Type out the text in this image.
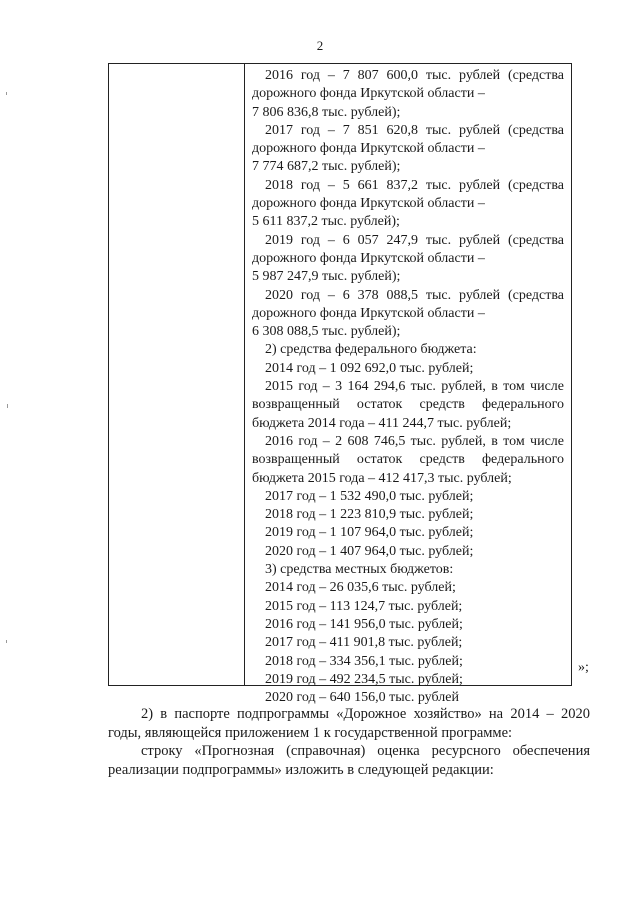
2

2016 год – 7 807 600,0 тыс. рублей (средства дорожного фонда Иркутской области –

7 806 836,8 тыс. рублей);

2017 год – 7 851 620,8 тыс. рублей (средства дорожного фонда Иркутской области –

7 774 687,2 тыс. рублей);

2018 год – 5 661 837,2 тыс. рублей (средства дорожного фонда Иркутской области –

5 611 837,2 тыс. рублей);

2019 год – 6 057 247,9 тыс. рублей (средства дорожного фонда Иркутской области –

5 987 247,9 тыс. рублей);

2020 год – 6 378 088,5 тыс. рублей (средства дорожного фонда Иркутской области –

6 308 088,5 тыс. рублей);

2) средства федерального бюджета:

2014 год – 1 092 692,0 тыс. рублей;

2015 год – 3 164 294,6 тыс. рублей, в том числе возвращенный остаток средств федерального бюджета 2014 года – 411 244,7 тыс. рублей;

2016 год – 2 608 746,5 тыс. рублей, в том числе возвращенный остаток средств федерального бюджета 2015 года – 412 417,3 тыс. рублей;

2017 год – 1 532 490,0 тыс. рублей;

2018 год – 1 223 810,9 тыс. рублей;

2019 год – 1 107 964,0 тыс. рублей;

2020 год – 1 407 964,0 тыс. рублей;

3) средства местных бюджетов:

2014 год – 26 035,6 тыс. рублей;

2015 год – 113 124,7 тыс. рублей;

2016 год – 141 956,0 тыс. рублей;

2017 год – 411 901,8 тыс. рублей;

2018 год – 334 356,1 тыс. рублей;

2019 год – 492 234,5 тыс. рублей;

2020 год – 640 156,0 тыс. рублей

»;

2) в паспорте подпрограммы «Дорожное хозяйство» на 2014 – 2020 годы, являющейся приложением 1 к государственной программе:

строку «Прогнозная (справочная) оценка ресурсного обеспечения реализации подпрограммы» изложить в следующей редакции:
